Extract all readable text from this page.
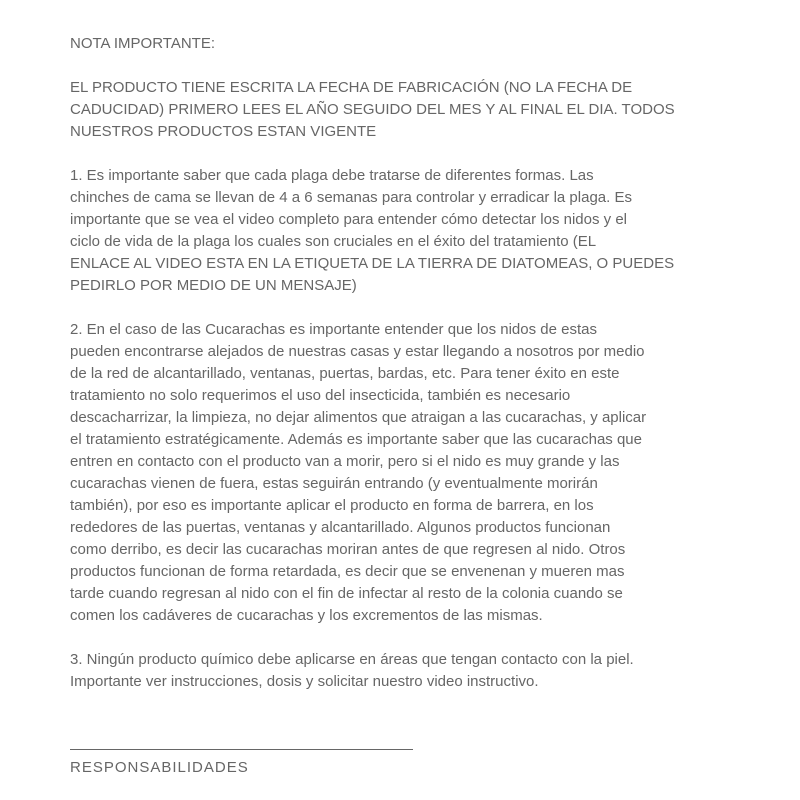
NOTA IMPORTANTE:
EL PRODUCTO TIENE ESCRITA LA FECHA DE FABRICACIÓN (NO LA FECHA DE
CADUCIDAD) PRIMERO LEES EL AÑO SEGUIDO DEL MES Y AL FINAL EL DIA. TODOS
NUESTROS PRODUCTOS ESTAN VIGENTE
1. Es importante saber que cada plaga debe tratarse de diferentes formas. Las
chinches de cama se llevan de 4 a 6 semanas para controlar y erradicar la plaga. Es
importante que se vea el video completo para entender cómo detectar los nidos y el
ciclo de vida de la plaga los cuales son cruciales en el éxito del tratamiento (EL
ENLACE AL VIDEO ESTA EN LA ETIQUETA DE LA TIERRA DE DIATOMEAS, O PUEDES
PEDIRLO POR MEDIO DE UN MENSAJE)
2. En el caso de las Cucarachas es importante entender que los nidos de estas
pueden encontrarse alejados de nuestras casas y estar llegando a nosotros por medio
de la red de alcantarillado, ventanas, puertas, bardas, etc. Para tener éxito en este
tratamiento no solo requerimos el uso del insecticida, también es necesario
descacharrizar, la limpieza, no dejar alimentos que atraigan a las cucarachas, y aplicar
el tratamiento estratégicamente. Además es importante saber que las cucarachas que
entren en contacto con el producto van a morir, pero si el nido es muy grande y las
cucarachas vienen de fuera, estas seguirán entrando (y eventualmente morirán
también), por eso es importante aplicar el producto en forma de barrera, en los
rededores de las puertas, ventanas y alcantarillado. Algunos productos funcionan
como derribo, es decir las cucarachas moriran antes de que regresen al nido. Otros
productos funcionan de forma retardada, es decir que se envenenan y mueren mas
tarde cuando regresan al nido con el fin de infectar al resto de la colonia cuando se
comen los cadáveres de cucarachas y los excrementos de las mismas.
3. Ningún producto químico debe aplicarse en áreas que tengan contacto con la piel.
Importante ver instrucciones, dosis y solicitar nuestro video instructivo.
RESPONSABILIDADES
